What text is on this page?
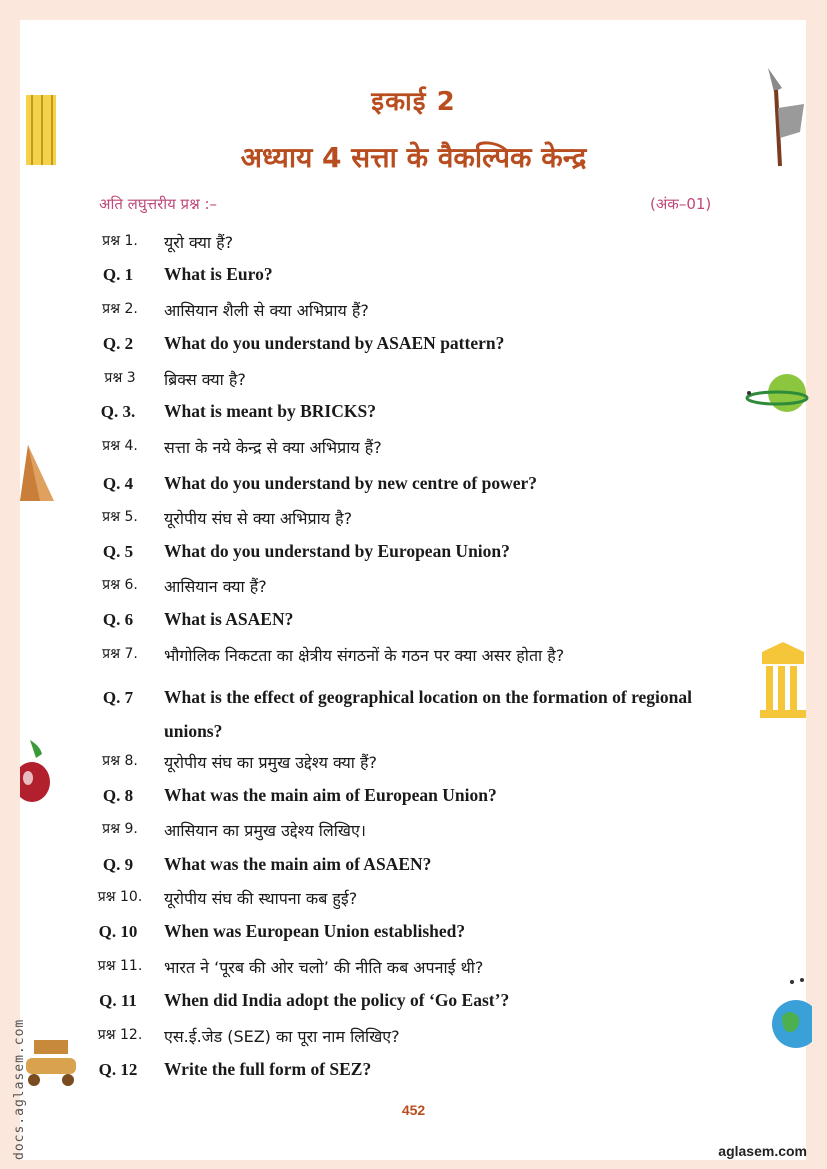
इकाई 2
अध्याय 4 सत्ता के वैकल्पिक केन्द्र
अति लघुत्तरीय प्रश्न :–	(अंक–01)
प्रश्न 1.	यूरो क्या हैं?
Q. 1	What is Euro?
प्रश्न 2.	आसियान शैली से क्या अभिप्राय हैं?
Q. 2	What do you understand by ASAEN pattern?
प्रश्न 3	ब्रिक्स क्या है?
Q. 3.	What is meant by BRICKS?
प्रश्न 4.	सत्ता के नये केन्द्र से क्या अभिप्राय हैं?
Q. 4	What do you understand by new centre of power?
प्रश्न 5.	यूरोपीय संघ से क्या अभिप्राय है?
Q. 5	What do you understand by European Union?
प्रश्न 6.	आसियान क्या हैं?
Q. 6	What is ASAEN?
प्रश्न 7.	भौगोलिक निकटता का क्षेत्रीय संगठनों के गठन पर क्या असर होता है?
Q. 7	What is the effect of geographical location on the formation of regional unions?
प्रश्न 8.	यूरोपीय संघ का प्रमुख उद्देश्य क्या हैं?
Q. 8	What was the main aim of European Union?
प्रश्न 9.	आसियान का प्रमुख उद्देश्य लिखिए।
Q. 9	What was the main aim of ASAEN?
प्रश्न 10.	यूरोपीय संघ की स्थापना कब हुई?
Q. 10	When was European Union established?
प्रश्न 11.	भारत ने ‘पूरब की ओर चलो’ की नीति कब अपनाई थी?
Q. 11	When did India adopt the policy of ‘Go East’?
प्रश्न 12.	एस.ई.जेड (SEZ) का पूरा नाम लिखिए?
Q. 12	Write the full form of SEZ?
452
aglasem.com
docs.aglasem.com
